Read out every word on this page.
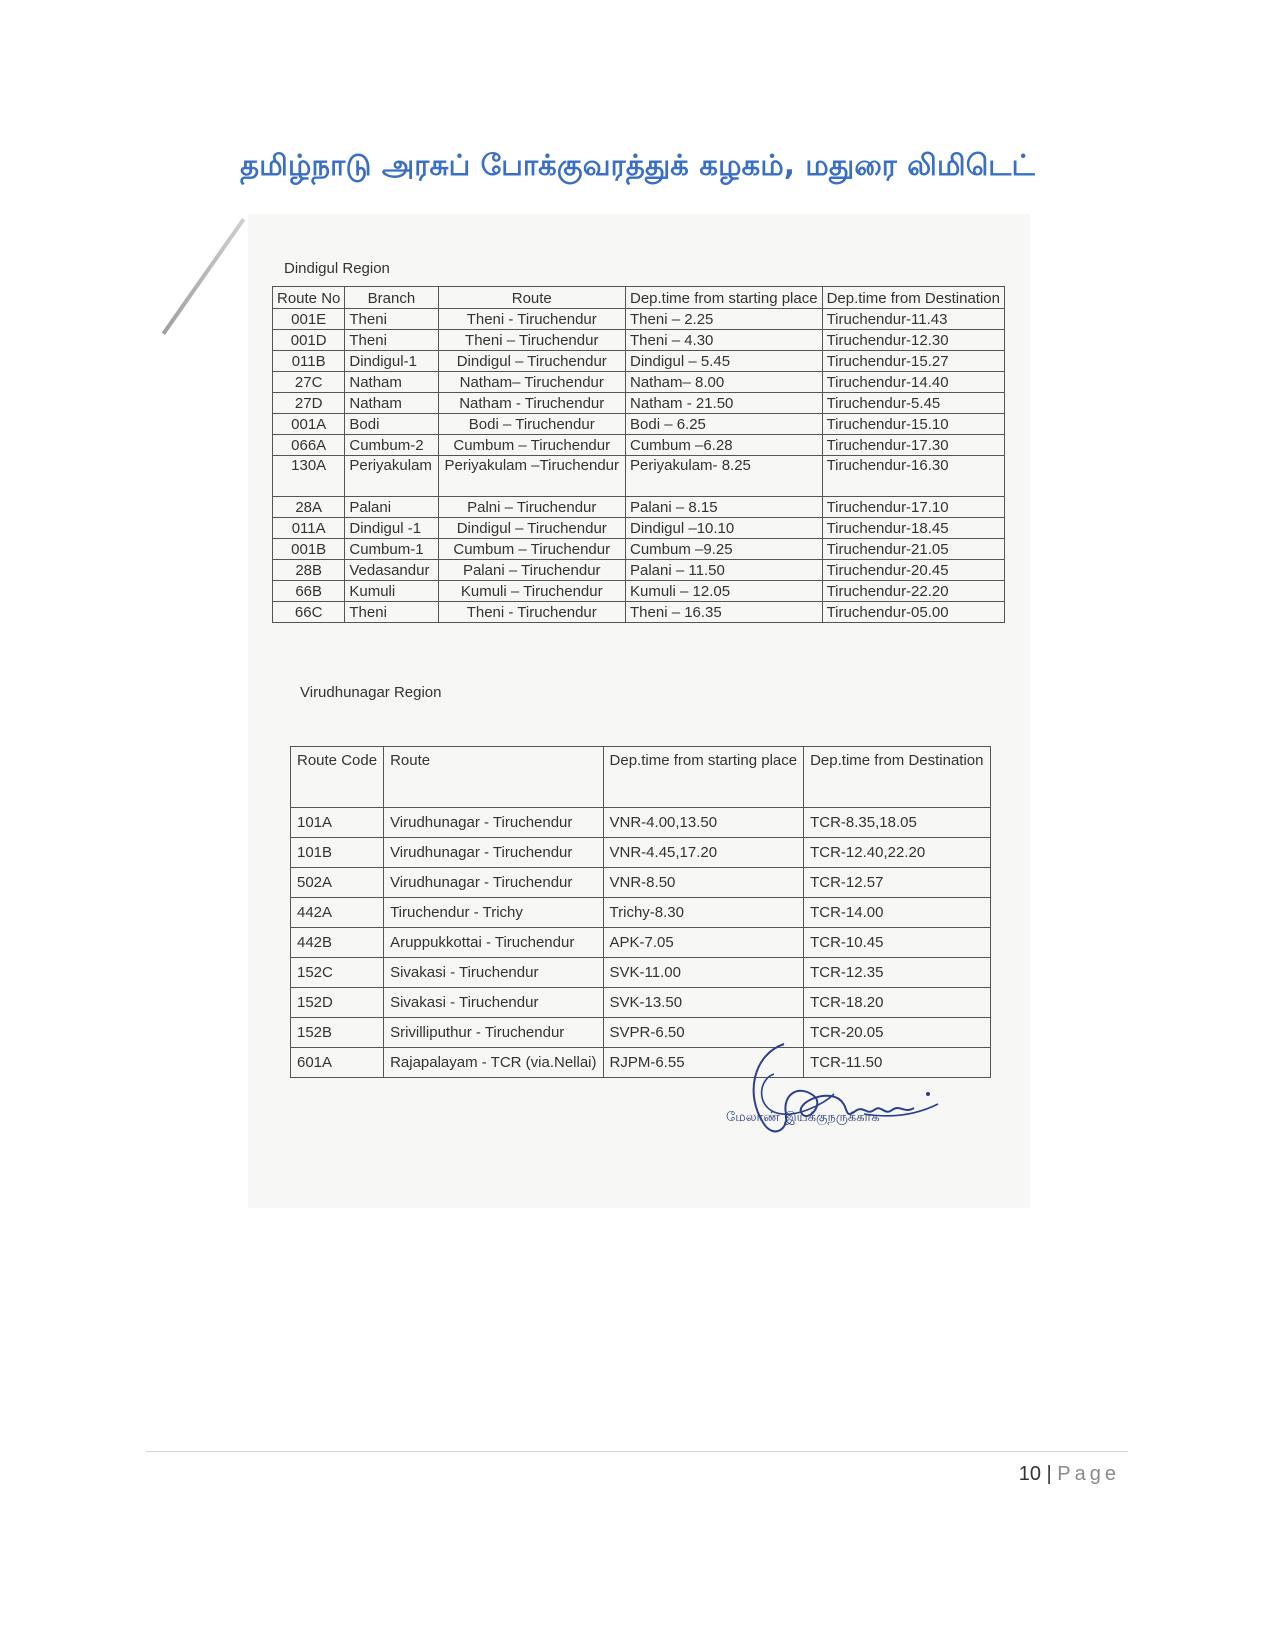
தமிழ்நாடு அரசுப் போக்குவரத்துக் கழகம், மதுரை லிமிடெட்
Dindigul Region
Route No	Branch	Route	Dep.time from starting place	Dep.time from Destination
001E	Theni	Theni - Tiruchendur	Theni – 2.25	Tiruchendur-11.43
001D	Theni	Theni – Tiruchendur	Theni – 4.30	Tiruchendur-12.30
011B	Dindigul-1	Dindigul – Tiruchendur	Dindigul – 5.45	Tiruchendur-15.27
27C	Natham	Natham– Tiruchendur	Natham– 8.00	Tiruchendur-14.40
27D	Natham	Natham - Tiruchendur	Natham - 21.50	Tiruchendur-5.45
001A	Bodi	Bodi – Tiruchendur	Bodi – 6.25	Tiruchendur-15.10
066A	Cumbum-2	Cumbum – Tiruchendur	Cumbum –6.28	Tiruchendur-17.30
130A	Periyakulam	Periyakulam –Tiruchendur	Periyakulam- 8.25	Tiruchendur-16.30
28A	Palani	Palni – Tiruchendur	Palani – 8.15	Tiruchendur-17.10
011A	Dindigul -1	Dindigul – Tiruchendur	Dindigul –10.10	Tiruchendur-18.45
001B	Cumbum-1	Cumbum – Tiruchendur	Cumbum –9.25	Tiruchendur-21.05
28B	Vedasandur	Palani – Tiruchendur	Palani – 11.50	Tiruchendur-20.45
66B	Kumuli	Kumuli – Tiruchendur	Kumuli – 12.05	Tiruchendur-22.20
66C	Theni	Theni - Tiruchendur	Theni – 16.35	Tiruchendur-05.00
Virudhunagar Region
Route Code	Route	Dep.time from starting place	Dep.time from Destination
101A	Virudhunagar - Tiruchendur	VNR-4.00,13.50	TCR-8.35,18.05
101B	Virudhunagar - Tiruchendur	VNR-4.45,17.20	TCR-12.40,22.20
502A	Virudhunagar - Tiruchendur	VNR-8.50	TCR-12.57
442A	Tiruchendur - Trichy	Trichy-8.30	TCR-14.00
442B	Aruppukkottai - Tiruchendur	APK-7.05	TCR-10.45
152C	Sivakasi - Tiruchendur	SVK-11.00	TCR-12.35
152D	Sivakasi - Tiruchendur	SVK-13.50	TCR-18.20
152B	Srivilliputhur - Tiruchendur	SVPR-6.50	TCR-20.05
601A	Rajapalayam - TCR (via.Nellai)	RJPM-6.55	TCR-11.50
மேலாண் இயக்குநருக்காக
10 | Page
